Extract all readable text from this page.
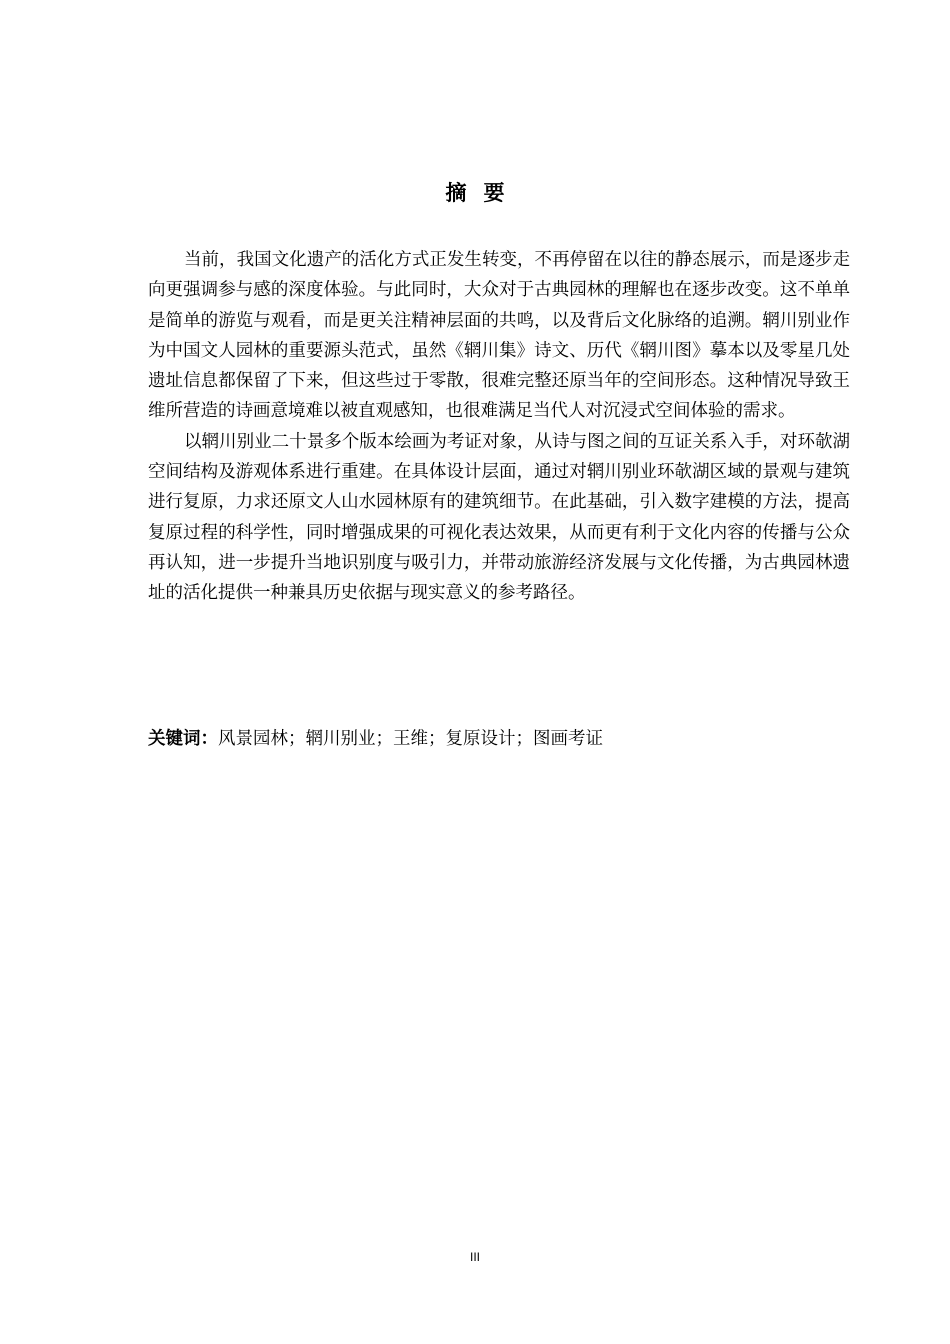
摘要

当前，我国文化遗产的活化方式正发生转变，不再停留在以往的静态展示，而是逐步走向更强调参与感的深度体验。与此同时，大众对于古典园林的理解也在逐步改变。这不单单是简单的游览与观看，而是更关注精神层面的共鸣，以及背后文化脉络的追溯。辋川别业作为中国文人园林的重要源头范式，虽然《辋川集》诗文、历代《辋川图》摹本以及零星几处遗址信息都保留了下来，但这些过于零散，很难完整还原当年的空间形态。这种情况导致王维所营造的诗画意境难以被直观感知，也很难满足当代人对沉浸式空间体验的需求。

以辋川别业二十景多个版本绘画为考证对象，从诗与图之间的互证关系入手，对环欹湖空间结构及游观体系进行重建。在具体设计层面，通过对辋川别业环欹湖区域的景观与建筑进行复原，力求还原文人山水园林原有的建筑细节。在此基础，引入数字建模的方法，提高复原过程的科学性，同时增强成果的可视化表达效果，从而更有利于文化内容的传播与公众再认知，进一步提升当地识别度与吸引力，并带动旅游经济发展与文化传播，为古典园林遗址的活化提供一种兼具历史依据与现实意义的参考路径。

关键词：风景园林；辋川别业；王维；复原设计；图画考证
III
